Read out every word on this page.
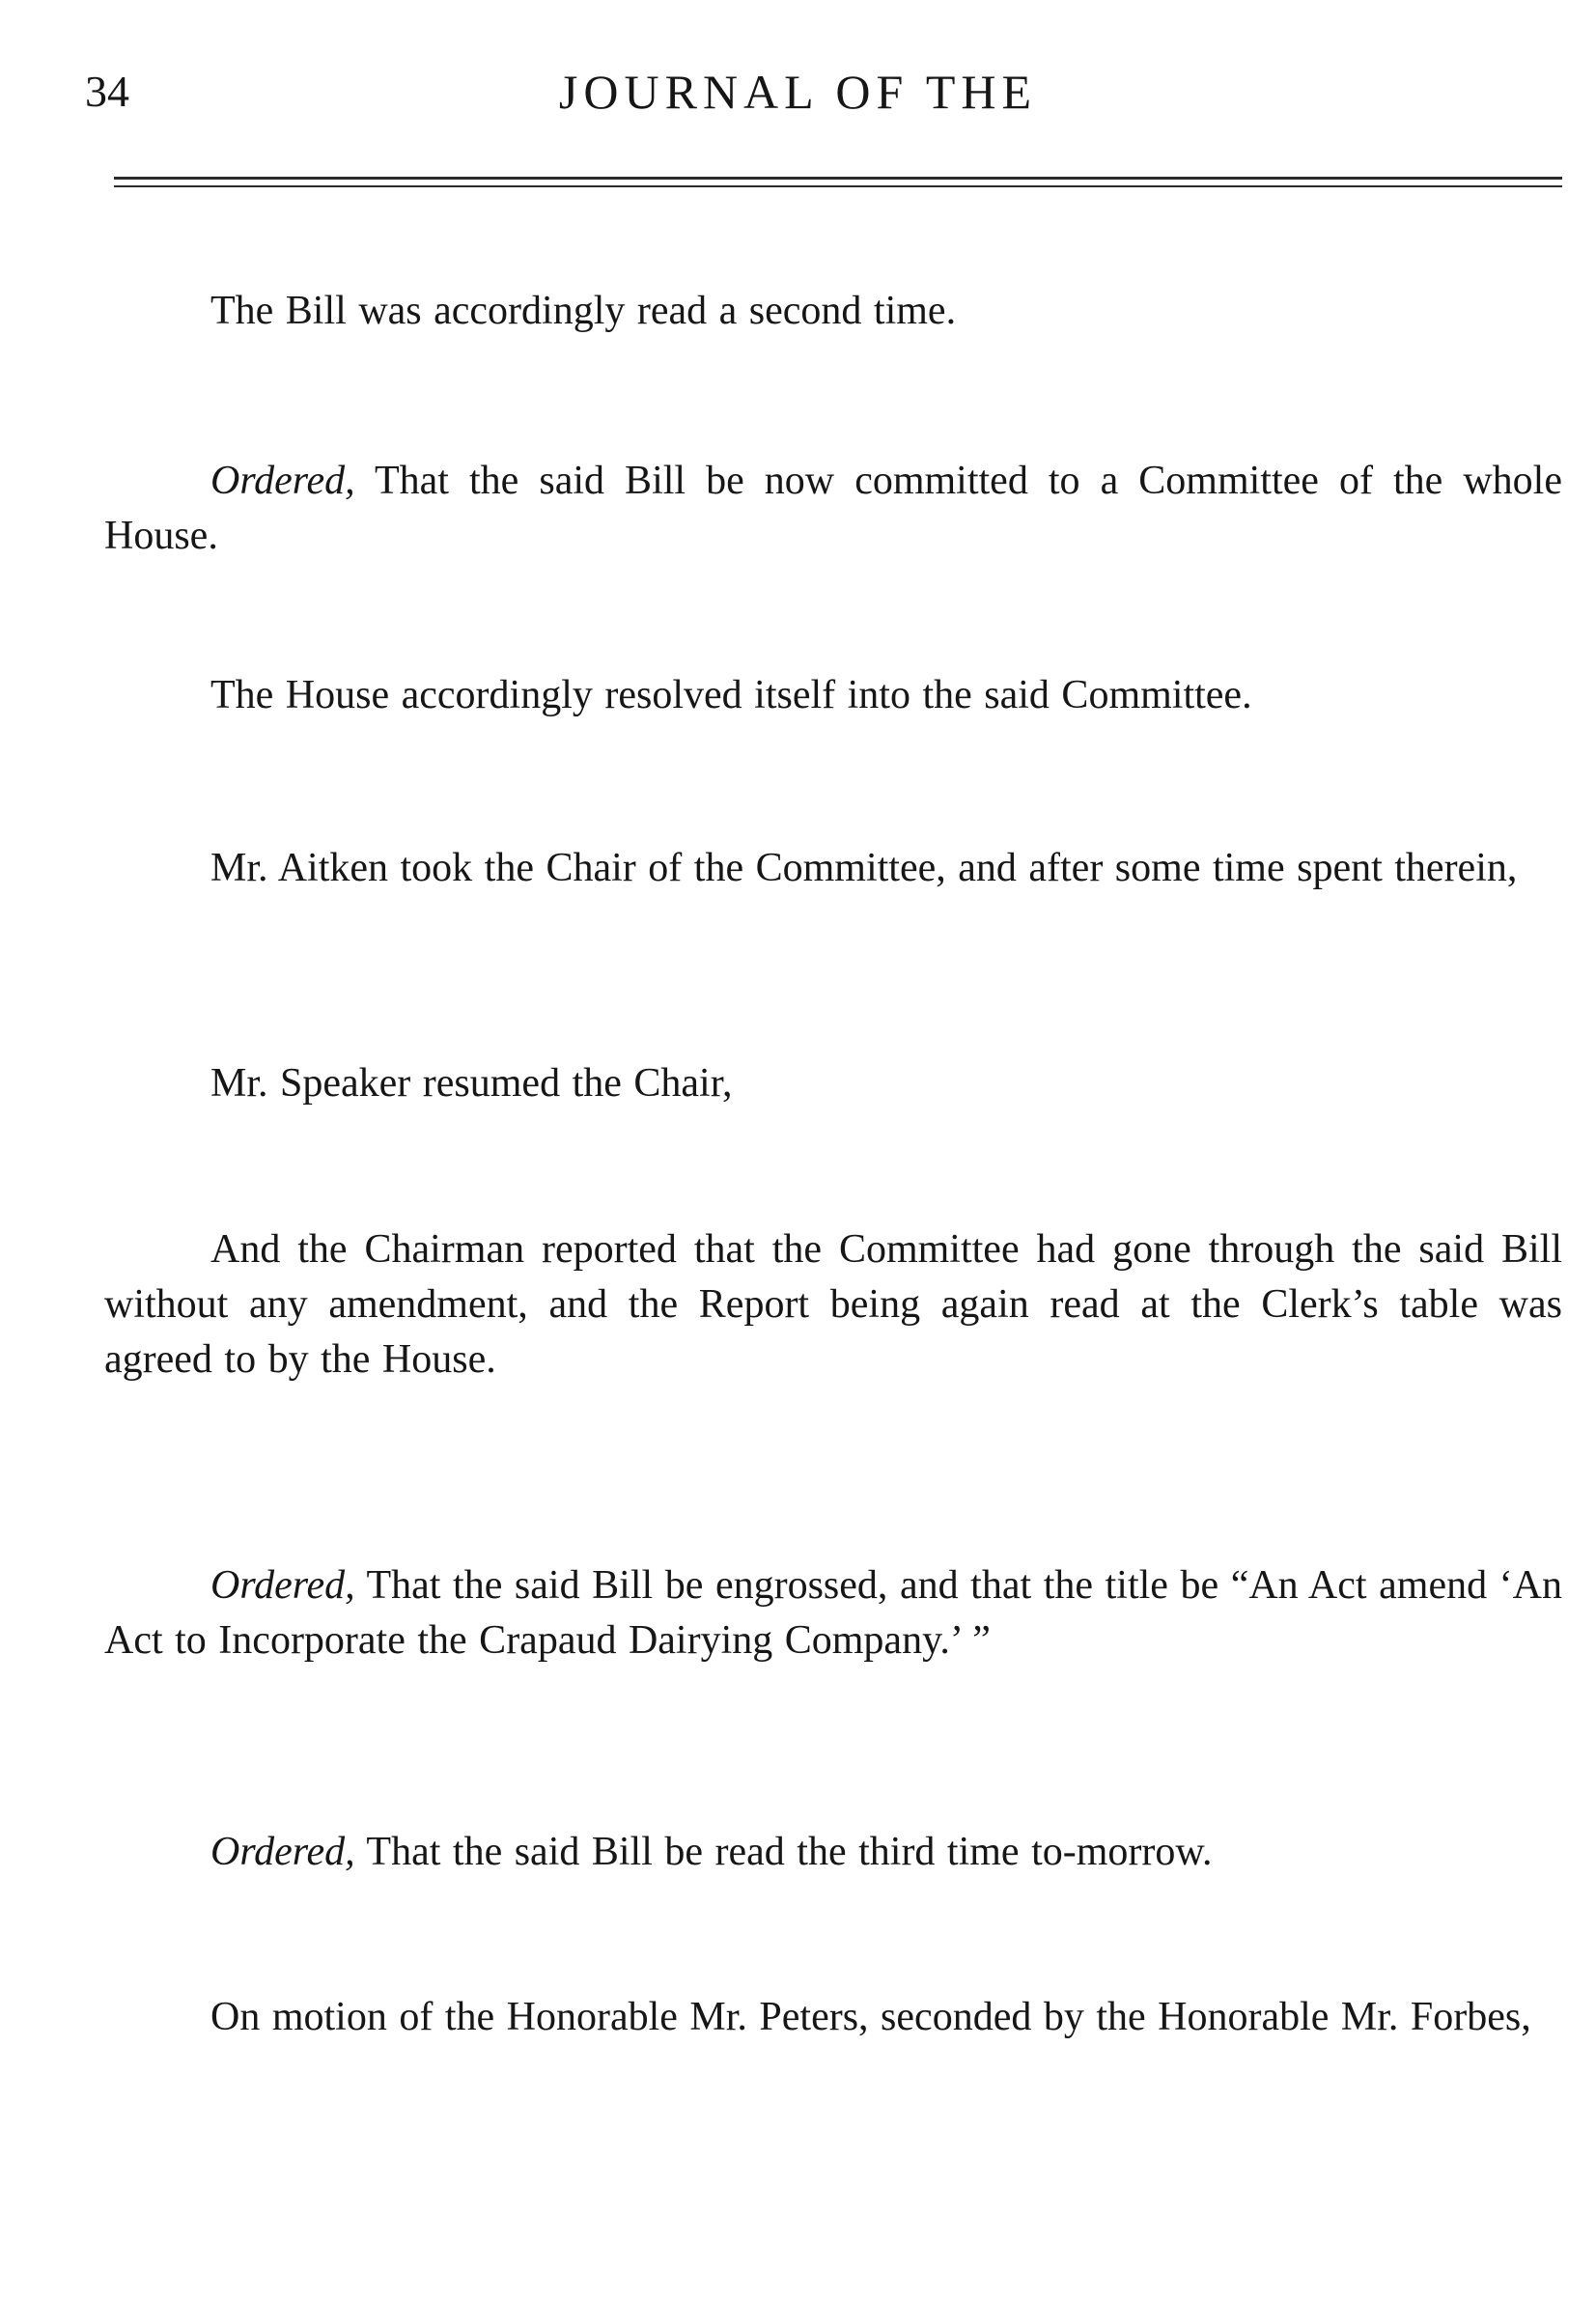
34	JOURNAL OF THE

The Bill was accordingly read a second time.

Ordered, That the said Bill be now committed to a Committee of the whole House.

The House accordingly resolved itself into the said Committee.

Mr. Aitken took the Chair of the Committee, and after some time spent therein,

Mr. Speaker resumed the Chair,

And the Chairman reported that the Committee had gone through the said Bill without any amendment, and the Report being again read at the Clerk’s table was agreed to by the House.

Ordered, That the said Bill be engrossed, and that the title be “An Act amend ‘An Act to Incorporate the Crapaud Dairying Company.’ ”

Ordered, That the said Bill be read the third time to-morrow.

On motion of the Honorable Mr. Peters, seconded by the Honorable Mr. Forbes,
